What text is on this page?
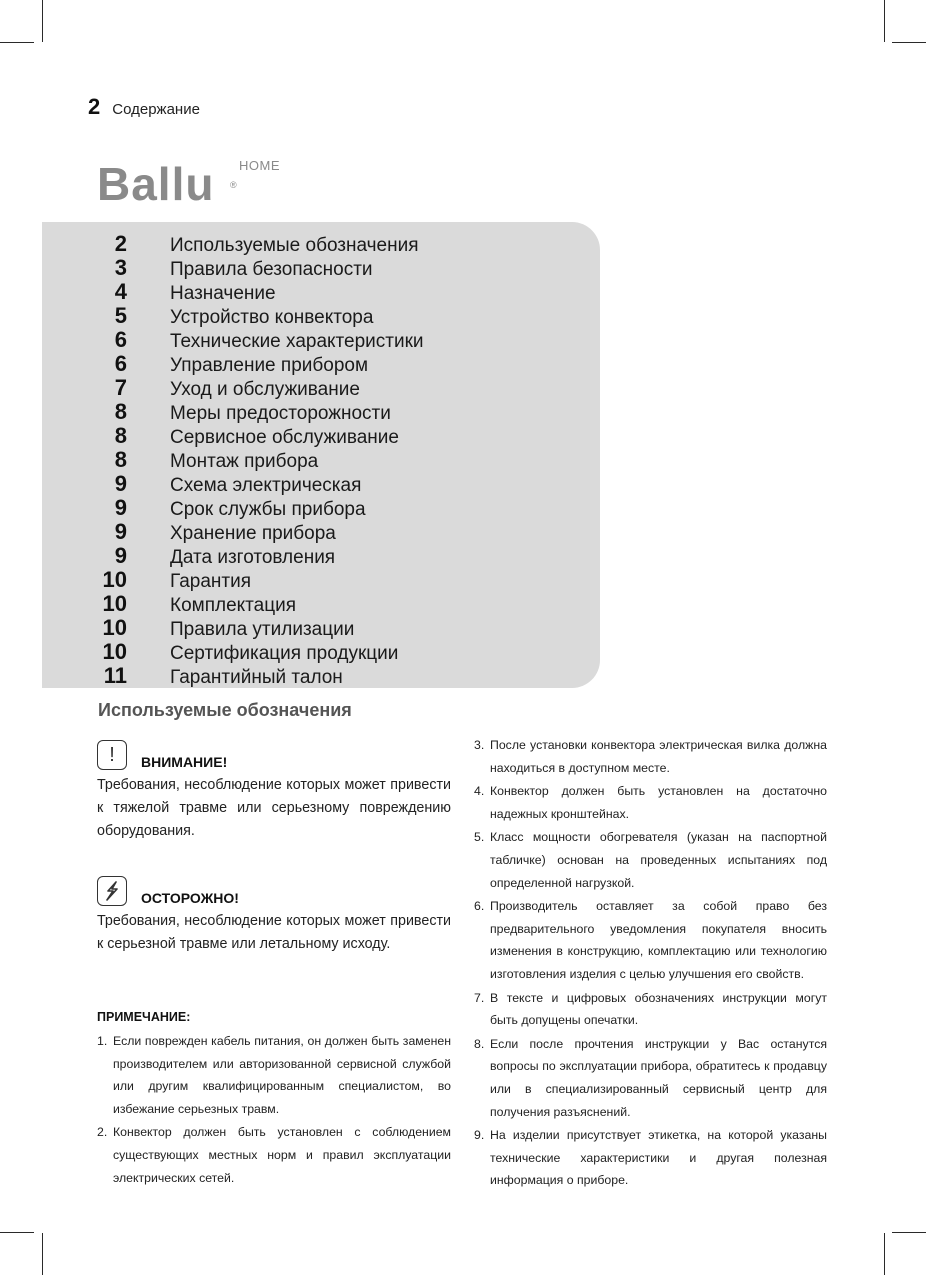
2 Содержание
Ballu HOME
®
2 Используемые обозначения
3 Правила безопасности
4 Назначение
5 Устройство конвектора
6 Технические характеристики
6 Управление прибором
7 Уход и обслуживание
8 Меры предосторожности
8 Сервисное обслуживание
8 Монтаж прибора
9 Схема электрическая
9 Срок службы прибора
9 Хранение прибора
9 Дата изготовления
10 Гарантия
10 Комплектация
10 Правила утилизации
10 Сертификация продукции
11 Гарантийный талон
Используемые обозначения
!	ВНИМАНИЕ!
Требования, несоблюдение которых может привести к тяжелой травме или серьезному повреждению оборудования.
ОСТОРОЖНО!
Требования, несоблюдение которых может привести к серьезной травме или летальному исходу.
ПРИМЕЧАНИЕ:
1. Если поврежден кабель питания, он должен быть заменен производителем или авторизованной сервисной службой или другим квалифицированным специалистом, во избежание серьезных травм.
2. Конвектор должен быть установлен с соблюдением существующих местных норм и правил эксплуатации электрических сетей.
3. После установки конвектора электрическая вилка должна находиться в доступном месте.
4. Конвектор должен быть установлен на достаточно надежных кронштейнах.
5. Класс мощности обогревателя (указан на паспортной табличке) основан на проведенных испытаниях под определенной нагрузкой.
6. Производитель оставляет за собой право без предварительного уведомления покупателя вносить изменения в конструкцию, комплектацию или технологию изготовления изделия с целью улучшения его свойств.
7. В тексте и цифровых обозначениях инструкции могут быть допущены опечатки.
8. Если после прочтения инструкции у Вас останутся вопросы по эксплуатации прибора, обратитесь к продавцу или в специализированный сервисный центр для получения разъяснений.
9. На изделии присутствует этикетка, на которой указаны технические характеристики и другая полезная информация о приборе.
